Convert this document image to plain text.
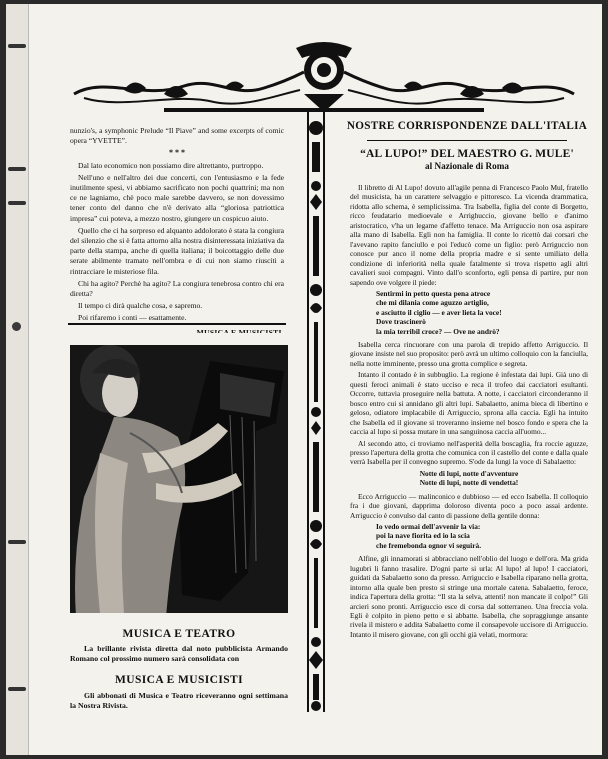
nunzio's, a symphonic Prelude “Il Piave” and some excerpts of comic opera “YVETTE”.

* * *

Dal lato economico non possiamo dire altrettanto, purtroppo.

Nell'uno e nell'altro dei due concerti, con l'entusiasmo e la fede inutilmente spesi, vi abbiamo sacrificato non pochi quattrini; ma non ce ne lagniamo, chè poco male sarebbe davvero, se non dovessimo tener conto del danno che n'è derivato alla “gloriosa patriottica impresa” cui poteva, a mezzo nostro, giungere un cospicuo aiuto.

Quello che ci ha sorpreso ed alquanto addolorato è stata la congiura del silenzio che si è fatta attorno alla nostra disinteressata iniziativa da parte della stampa, anche di quella italiana; il boicottaggio delle due serate abilmente tramato nell'ombra e di cui non siamo riusciti a rintracciare le misteriose fila.

Chi ha agito? Perchè ha agito? La congiura tenebrosa contro chi era diretta?

Il tempo ci dirà qualche cosa, e sapremo.

Poi rifaremo i conti — esattamente.

MUSICA E TEATRO

La brillante rivista diretta dal noto pubblicista Armando Romano col prossimo numero sarà consolidata con

MUSICA E MUSICISTI

Gli abbonati di Musica e Teatro riceveranno ogni settimana la Nostra Rivista.

NOSTRE CORRISPONDENZE DALL'ITALIA
“AL LUPO!” DEL MAESTRO G. MULE'
al Nazionale di Roma

Il libretto di Al Lupo! dovuto all'agile penna di Francesco Paolo Mul, fratello del musicista, ha un carattere selvaggio e pittoresco. La vicenda drammatica, ridotta allo schema, è semplicissima. Tra Isabella, figlia del conte di Borgetto, ricco feudatario medioevale e Arrighuccio, giovane bello e d'animo aristocratico, v'ha un legame d'affetto tenace. Ma Arriguccio non osa aspirare alla mano di Isabella. Egli non ha famiglia. Il conte lo ricettò dai corsari che l'avevano rapito fanciullo e poi l'educò come un figlio: però Arriguccio non conosce pur anco il nome della propria madre e si sente umiliato della condizione di inferiorità nella quale fatalmente si trova rispetto agli altri cavalieri suoi compagni. Vinto dall'o sconforto, egli pensa di partire, pur non sapendo ove volgere il piede:

Sentirmi in petto questa pena atroce
che mi dilania come aguzzo artiglio,
e asciutto il ciglio — e aver lieta la voce!
Dove trascinerò
la mia terribil croce? — Ove ne andrò?

Isabella cerca rincuorare con una parola di trepido affetto Arriguccio. Il giovane insiste nel suo proposito: però avrà un ultimo colloquio con la fanciulla, nella notte imminente, presso una grotta complice e segreta.

Intanto il contado è in subbuglio. La regione è infestata dai lupi. Già uno di questi feroci animali è stato ucciso e reca il trofeo dai cacciatori esultanti. Occorre, tuttavia proseguire nella battuta. A notte, i cacciatori circonderanno il bosco entro cui si annidano gli altri lupi. Sabalaetto, anima bieca di libertino e geloso, odiatore implacabile di Arriguccio, sprona alla caccia. Egli ha intuito che Isabella ed il giovane si troveranno insieme nel bosco fondo e spera che la caccia al lupo si possa mutare in una sanguinosa caccia all'uomo...

Al secondo atto, ci troviamo nell'asperità della boscaglia, fra roccie aguzze, presso l'apertura della grotta che comunica con il castello del conte e dalla quale verrà Isabella per il convegno supremo. S'ode da lungi la voce di Sabalaetto:

Notte di lupi, notte d'avventure
Notte di lupi, notte di vendetta!

Ecco Arriguccio — malinconico e dubbioso — ed ecco Isabella. Il colloquio fra i due giovani, dapprima doloroso diventa poco a poco assai ardente. Arriguccio è convulso dal canto di passione della gentile donna:

Io vedo ormai dell'avvenir la via:
poi la nave fiorita ed io la scia
che fremebonda ognor vi seguirà.

Alfine, gli innamorati si abbracciano nell'oblio del luogo e dell'ora. Ma grida lugubri li fanno trasalire. D'ogni parte si urla: Al lupo! al lupo! I cacciatori, guidati da Sabalaetto sono da presso. Arriguccio e Isabella riparano nella grotta, intorno alla quale ben presto si stringe una mortale catena. Sabalaetto, feroce, indica l'apertura della grotta: “Il sta la selva, attenti! non mancate il colpo!” Gli arcieri sono pronti. Arriguccio esce di corsa dal sotterraneo. Una freccia vola. Egli è colpito in pieno petto e si abbatte. Isabella, che sopraggiunge ansante rivela il mistero e addita Sabalaetto come il consapevole uccisore di Arriguccio. Intanto il misero giovane, con gli occhi già velati, mormora:
